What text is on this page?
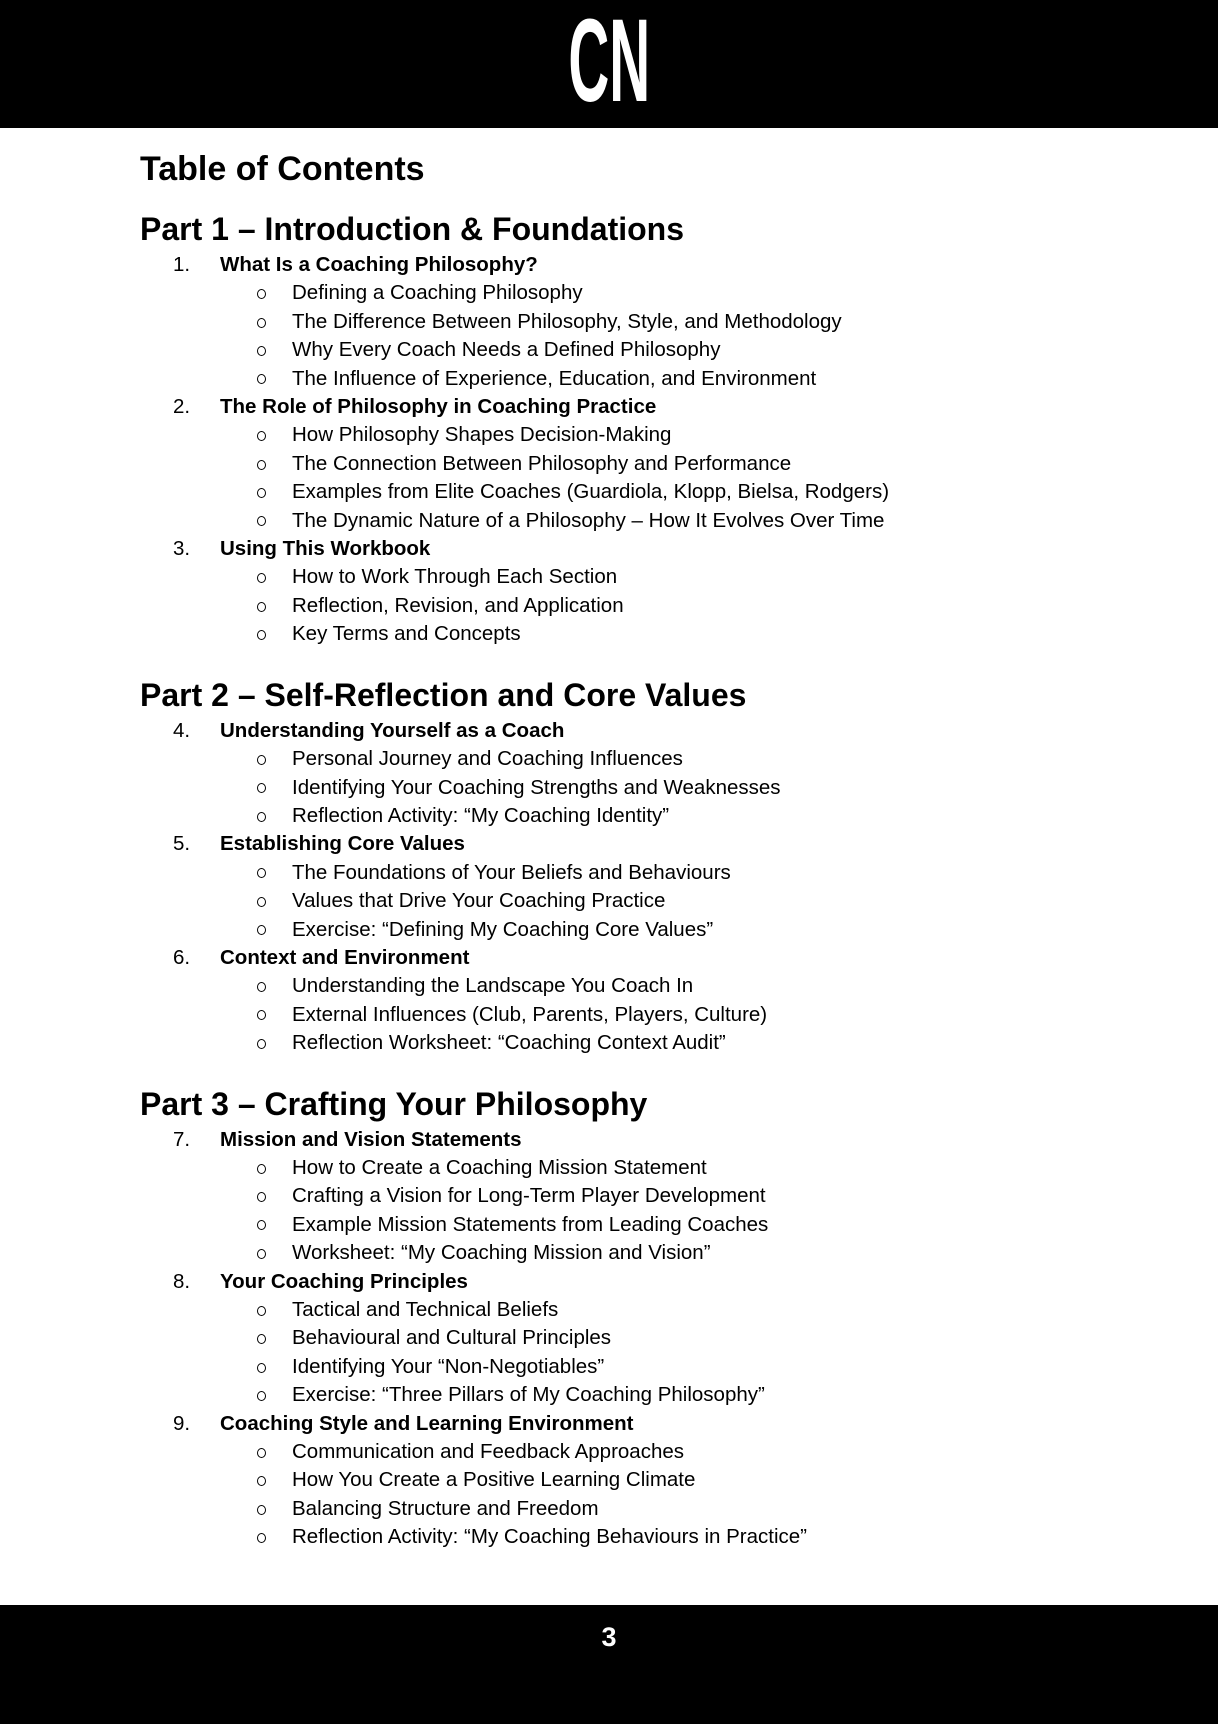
CN
Table of Contents
Part 1 – Introduction & Foundations
1. What Is a Coaching Philosophy?
Defining a Coaching Philosophy
The Difference Between Philosophy, Style, and Methodology
Why Every Coach Needs a Defined Philosophy
The Influence of Experience, Education, and Environment
2. The Role of Philosophy in Coaching Practice
How Philosophy Shapes Decision-Making
The Connection Between Philosophy and Performance
Examples from Elite Coaches (Guardiola, Klopp, Bielsa, Rodgers)
The Dynamic Nature of a Philosophy – How It Evolves Over Time
3. Using This Workbook
How to Work Through Each Section
Reflection, Revision, and Application
Key Terms and Concepts
Part 2 – Self-Reflection and Core Values
4. Understanding Yourself as a Coach
Personal Journey and Coaching Influences
Identifying Your Coaching Strengths and Weaknesses
Reflection Activity: “My Coaching Identity”
5. Establishing Core Values
The Foundations of Your Beliefs and Behaviours
Values that Drive Your Coaching Practice
Exercise: “Defining My Coaching Core Values”
6. Context and Environment
Understanding the Landscape You Coach In
External Influences (Club, Parents, Players, Culture)
Reflection Worksheet: “Coaching Context Audit”
Part 3 – Crafting Your Philosophy
7. Mission and Vision Statements
How to Create a Coaching Mission Statement
Crafting a Vision for Long-Term Player Development
Example Mission Statements from Leading Coaches
Worksheet: “My Coaching Mission and Vision”
8. Your Coaching Principles
Tactical and Technical Beliefs
Behavioural and Cultural Principles
Identifying Your “Non-Negotiables”
Exercise: “Three Pillars of My Coaching Philosophy”
9. Coaching Style and Learning Environment
Communication and Feedback Approaches
How You Create a Positive Learning Climate
Balancing Structure and Freedom
Reflection Activity: “My Coaching Behaviours in Practice”
3
